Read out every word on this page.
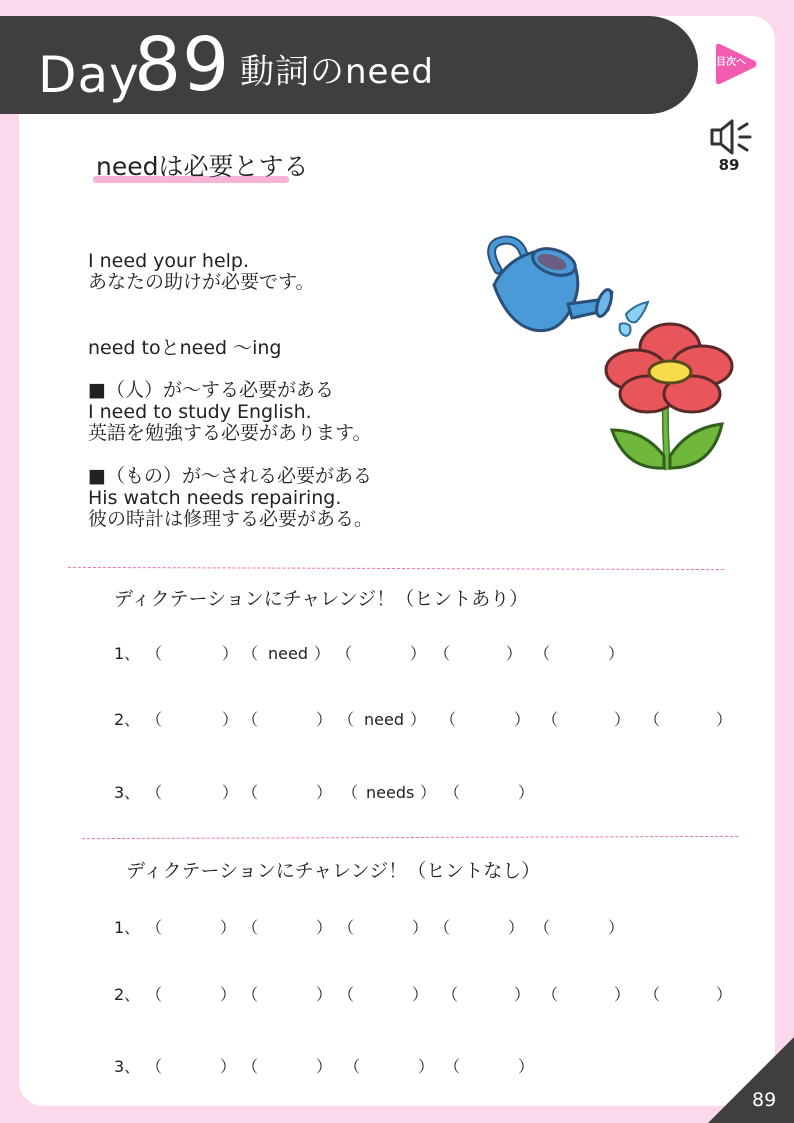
Day
89 動詞のneed	目次へ
89
needは必要とする
I need your help.
あなたの助けが必要です。
need toとneed ～ing
■（人）が～する必要がある
I need to study English.
英語を勉強する必要があります。
■（もの）が～される必要がある
His watch needs repairing.
彼の時計は修理する必要がある。
ディクテーションにチャレンジ！（ヒントあり）
1、 （	） （ need ） （	） （	） （	）
2、 （	） （	） （ need ） （	） （	） （	）
3、 （	） （	） （ needs ） （	）
ディクテーションにチャレンジ！（ヒントなし）
1、 （	） （	） （	） （	） （	）
2、 （	） （	） （	） （	） （	） （	）
3、 （	） （	） （	） （	）
89
